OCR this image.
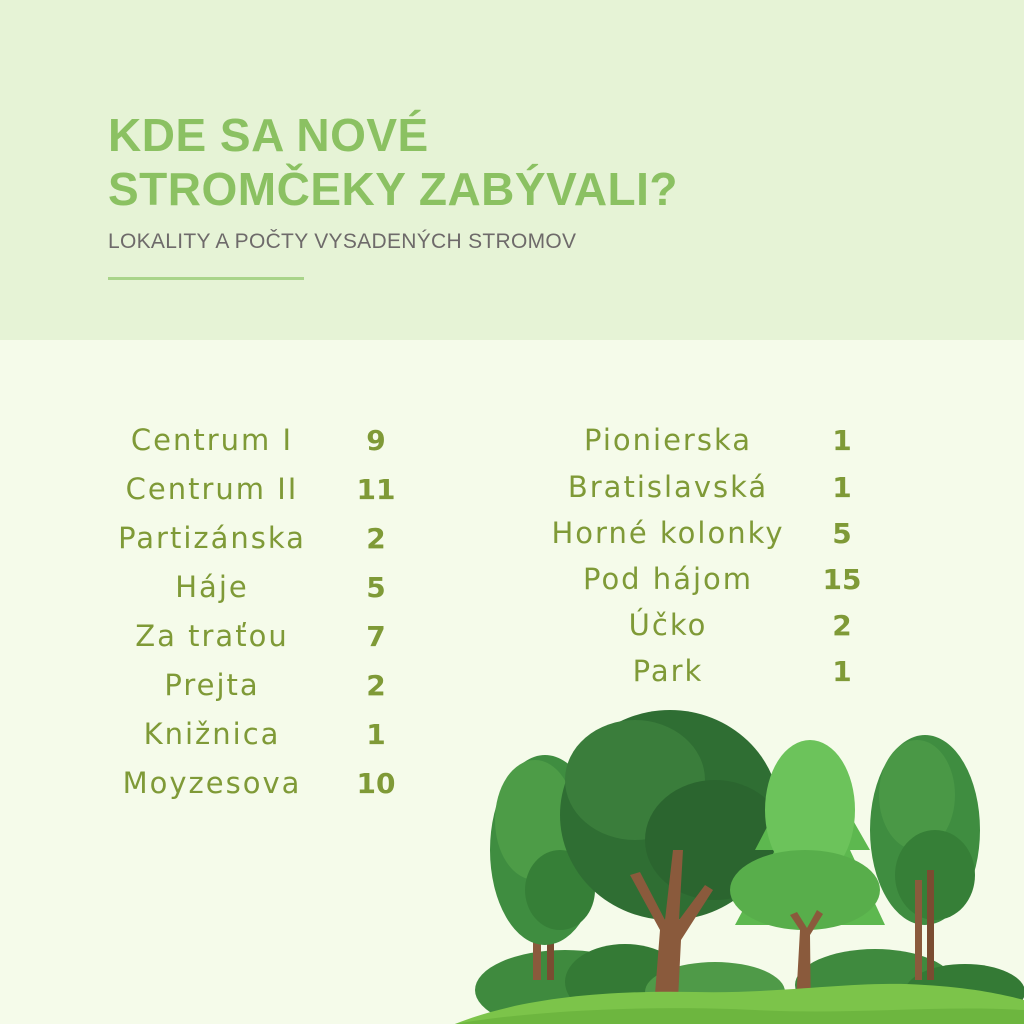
KDE SA NOVÉ
STROMČEKY ZABÝVALI?
LOKALITY A POČTY VYSADENÝCH STROMOV
Centrum I	9
Centrum II	11
Partizánska	2
Háje	5
Za traťou	7
Prejta	2
Knižnica	1
Moyzesova	10
Pionierska	1
Bratislavská	1
Horné kolonky	5
Pod hájom	15
Účko	2
Park	1
